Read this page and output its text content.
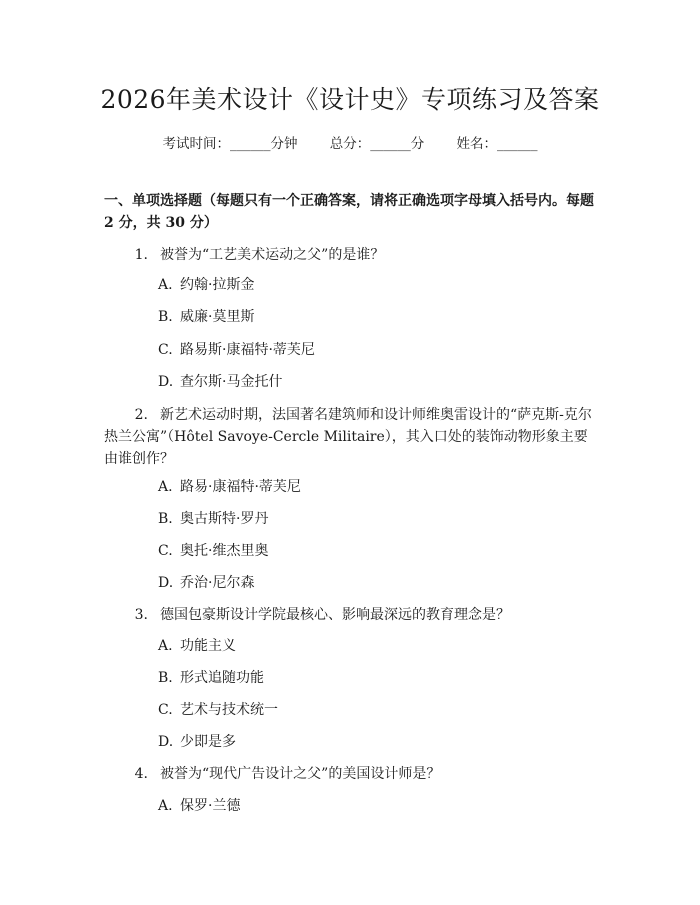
2026年美术设计《设计史》专项练习及答案
考试时间：______分钟 总分：______分 姓名：______
一、单项选择题（每题只有一个正确答案，请将正确选项字母填入括号内。每题 2 分，共 30 分）
1. 被誉为“工艺美术运动之父”的是谁？
A. 约翰·拉斯金
B. 威廉·莫里斯
C. 路易斯·康福特·蒂芙尼
D. 查尔斯·马金托什
2. 新艺术运动时期，法国著名建筑师和设计师维奥雷设计的“萨克斯-克尔
热兰公寓”（Hôtel Savoye-Cercle Militaire），其入口处的装饰动物形象主要
由谁创作？
A. 路易·康福特·蒂芙尼
B. 奥古斯特·罗丹
C. 奥托·维杰里奥
D. 乔治·尼尔森
3. 德国包豪斯设计学院最核心、影响最深远的教育理念是？
A. 功能主义
B. 形式追随功能
C. 艺术与技术统一
D. 少即是多
4. 被誉为“现代广告设计之父”的美国设计师是？
A. 保罗·兰德
